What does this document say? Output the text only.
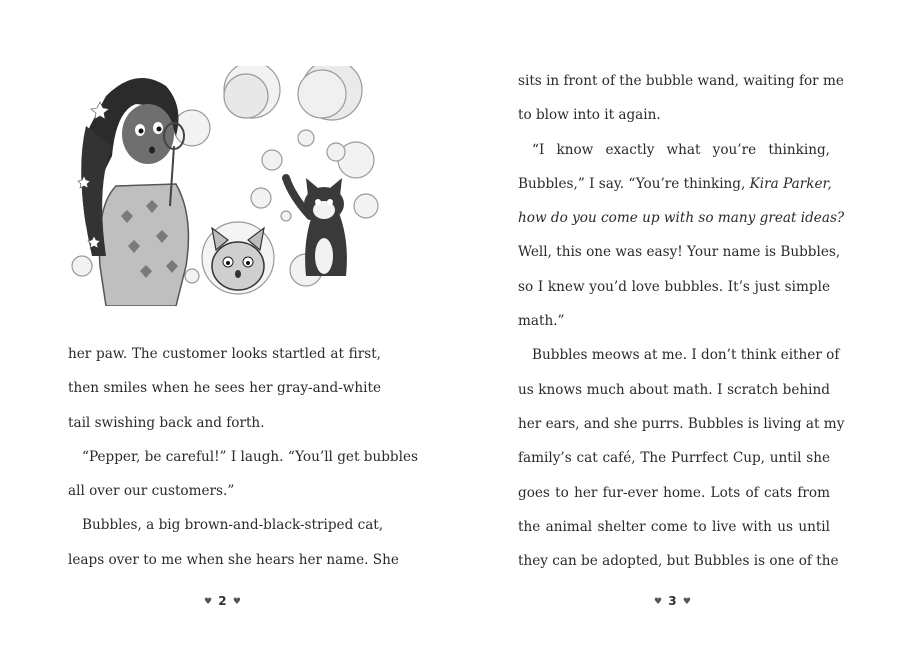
her paw. The customer looks startled at first,
then smiles when he sees her gray-and-white
tail swishing back and forth.
“Pepper, be careful!” I laugh. “You’ll get bubbles
all over our customers.”
Bubbles, a big brown-and-black-striped cat,
leaps over to me when she hears her name. She
♥ 2 ♥
sits in front of the bubble wand, waiting for me
to blow into it again.
“I know exactly what you’re thinking,
Bubbles,” I say. “You’re thinking, Kira Parker,
how do you come up with so many great ideas?
Well, this one was easy! Your name is Bubbles,
so I knew you’d love bubbles. It’s just simple
math.”
Bubbles meows at me. I don’t think either of
us knows much about math. I scratch behind
her ears, and she purrs. Bubbles is living at my
family’s cat café, The Purrfect Cup, until she
goes to her fur-ever home. Lots of cats from
the animal shelter come to live with us until
they can be adopted, but Bubbles is one of the
♥ 3 ♥
